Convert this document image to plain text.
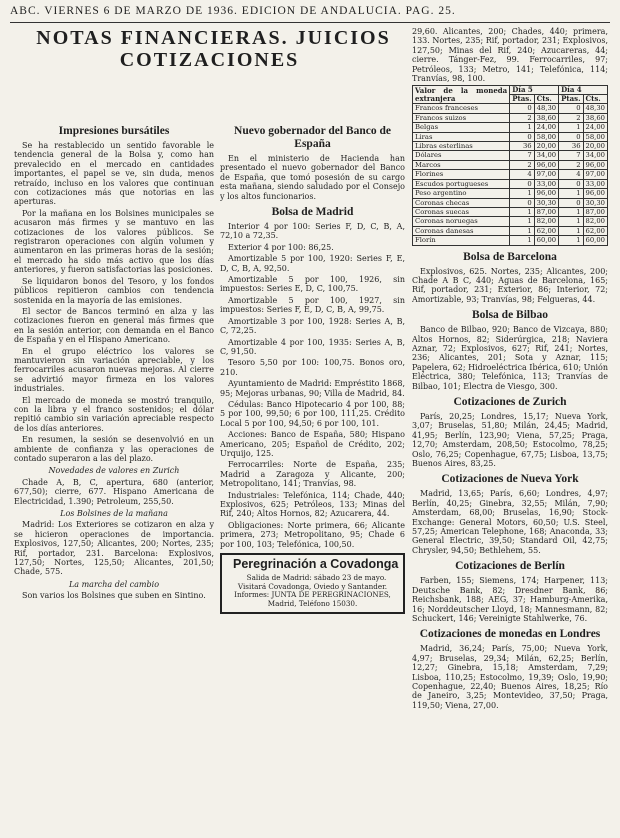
ABC. VIERNES 6 DE MARZO DE 1936. EDICION DE ANDALUCIA. PAG. 25.

NOTAS FINANCIERAS. JUICIOS COTIZACIONES

Impresiones bursátiles

Se ha restablecido un sentido favorable le tendencia general de la Bolsa y, como han prevalecido en el mercado en cantidades importantes, el papel se ve, sin duda, menos retraído, incluso en los valores que continuan con cotizaciones más que notorias en las aperturas.

Por la mañana en los Bolsines municipales se acusaron más firmes y se mantuvo en las cotizaciones de los valores públicos. Se registraron operaciones con algún volumen y aumentaron en las primeras horas de la sesión; el mercado ha sido más activo que los días anteriores, y fueron satisfactorias las posiciones.

Se liquidaron bonos del Tesoro, y los fondos públicos repitieron cambios con tendencia sostenida en la mayoría de las emisiones.

El sector de Bancos terminó en alza y las cotizaciones fueron en general más firmes que en la sesión anterior, con demanda en el Banco de España y en el Hispano Americano.

En el grupo eléctrico los valores se mantuvieron sin variación apreciable, y los ferrocarriles acusaron nuevas mejoras. Al cierre se advirtió mayor firmeza en los valores industriales.

El mercado de moneda se mostró tranquilo, con la libra y el franco sostenidos; el dólar repitió cambio sin variación apreciable respecto de los días anteriores.

En resumen, la sesión se desenvolvió en un ambiente de confianza y las operaciones de contado superaron a las del plazo.

Novedades de valores en Zurich

Chade A, B, C, apertura, 680 (anterior, 677,50); cierre, 677. Hispano Americana de Electricidad, 1.390; Petroleum, 255,50.

Los Bolsines de la mañana

Madrid: Los Exteriores se cotizaron en alza y se hicieron operaciones de importancia. Explosivos, 127,50; Alicantes, 200; Nortes, 235; Rif, portador, 231. Barcelona: Explosivos, 127,50; Nortes, 125,50; Alicantes, 201,50; Chade, 575.

La marcha del cambio

Son varios los Bolsines que suben en Sintino.

Nuevo gobernador del Banco de España

En el ministerio de Hacienda han presentado el nuevo gobernador del Banco de España, que tomó posesión de su cargo esta mañana, siendo saludado por el Consejo y los altos funcionarios.

Bolsa de Madrid

Interior 4 por 100: Series F, D, C, B, A, 72,10 a 72,35.

Exterior 4 por 100: 86,25.

Amortizable 5 por 100, 1920: Series F, E, D, C, B, A, 92,50.

Amortizable 5 por 100, 1926, sin impuestos: Series E, D, C, 100,75.

Amortizable 5 por 100, 1927, sin impuestos: Series F, E, D, C, B, A, 99,75.

Amortizable 3 por 100, 1928: Series A, B, C, 72,25.

Amortizable 4 por 100, 1935: Series A, B, C, 91,50.

Tesoro 5,50 por 100: 100,75. Bonos oro, 210.

Ayuntamiento de Madrid: Empréstito 1868, 95; Mejoras urbanas, 90; Villa de Madrid, 84.

Cédulas: Banco Hipotecario 4 por 100, 88; 5 por 100, 99,50; 6 por 100, 111,25. Crédito Local 5 por 100, 94,50; 6 por 100, 101.

Acciones: Banco de España, 580; Hispano Americano, 205; Español de Crédito, 202; Urquijo, 125.

Ferrocarriles: Norte de España, 235; Madrid a Zaragoza y Alicante, 200; Metropolitano, 141; Tranvías, 98.

Industriales: Telefónica, 114; Chade, 440; Explosivos, 625; Petróleos, 133; Minas del Rif, 240; Altos Hornos, 82; Azucarera, 44.

Obligaciones: Norte primera, 66; Alicante primera, 273; Metropolitano, 95; Chade 6 por 100, 103; Telefónica, 100,50.

Peregrinación a Covadonga

Salida de Madrid: sábado 23 de mayo. Visitará Covadonga, Oviedo y Santander. Informes: JUNTA DE PEREGRINACIONES, Madrid, Teléfono 15030.

29,60. Alicantes, 200; Chades, 440; primera, 133. Nortes, 235; Rif, portador, 231; Explosivos, 127,50; Minas del Rif, 240; Azucareras, 44; cierre. Tánger-Fez, 99. Ferrocarriles, 97; Petróleos, 133; Metro, 141; Telefónica, 114; Tranvías, 98, 100.

Valor de la moneda extranjera	Día 5		Día 4	
	Ptas.	Cts.	Ptas.	Cts.
Francos franceses	0	48,30	0	48,30
Francos suizos	2	38,60	2	38,60
Belgas	1	24,00	1	24,00
Liras	0	58,00	0	58,00
Libras esterlinas	36	20,00	36	20,00
Dólares	7	34,00	7	34,00
Marcos	2	96,00	2	96,00
Florines	4	97,00	4	97,00
Escudos portugueses	0	33,00	0	33,00
Peso argentino	1	96,00	1	96,00
Coronas checas	0	30,30	0	30,30
Coronas suecas	1	87,00	1	87,00
Coronas noruegas	1	82,00	1	82,00
Coronas danesas	1	62,00	1	62,00
Florín	1	60,00	1	60,00
Bolsa de Barcelona

Explosivos, 625. Nortes, 235; Alicantes, 200; Chade A B C, 440; Aguas de Barcelona, 165; Rif, portador, 231; Exterior, 86; Interior, 72; Amortizable, 93; Tranvías, 98; Felgueras, 44.

Bolsa de Bilbao

Banco de Bilbao, 920; Banco de Vizcaya, 880; Altos Hornos, 82; Siderúrgica, 218; Naviera Aznar, 72; Explosivos, 627; Rif, 241; Nortes, 236; Alicantes, 201; Sota y Aznar, 115; Papelera, 62; Hidroeléctrica Ibérica, 610; Unión Eléctrica, 380; Telefónica, 113; Tranvías de Bilbao, 101; Electra de Viesgo, 300.

Cotizaciones de Zurich

París, 20,25; Londres, 15,17; Nueva York, 3,07; Bruselas, 51,80; Milán, 24,45; Madrid, 41,95; Berlín, 123,90; Viena, 57,25; Praga, 12,70; Amsterdam, 208,50; Estocolmo, 78,25; Oslo, 76,25; Copenhague, 67,75; Lisboa, 13,75; Buenos Aires, 83,25.

Cotizaciones de Nueva York

Madrid, 13,65; París, 6,60; Londres, 4,97; Berlín, 40,25; Ginebra, 32,55; Milán, 7,90; Amsterdam, 68,00; Bruselas, 16,90; Stock-Exchange: General Motors, 60,50; U.S. Steel, 57,25; American Telephone, 168; Anaconda, 33; General Electric, 39,50; Standard Oil, 42,75; Chrysler, 94,50; Bethlehem, 55.

Cotizaciones de Berlín

Farben, 155; Siemens, 174; Harpener, 113; Deutsche Bank, 82; Dresdner Bank, 86; Reichsbank, 188; AEG, 37; Hamburg-Amerika, 16; Norddeutscher Lloyd, 18; Mannesmann, 82; Schuckert, 146; Vereinigte Stahlwerke, 76.

Cotizaciones de monedas en Londres

Madrid, 36,24; París, 75,00; Nueva York, 4,97; Bruselas, 29,34; Milán, 62,25; Berlín, 12,27; Ginebra, 15,18; Amsterdam, 7,29; Lisboa, 110,25; Estocolmo, 19,39; Oslo, 19,90; Copenhague, 22,40; Buenos Aires, 18,25; Río de Janeiro, 3,25; Montevideo, 37,50; Praga, 119,50; Viena, 27,00.
